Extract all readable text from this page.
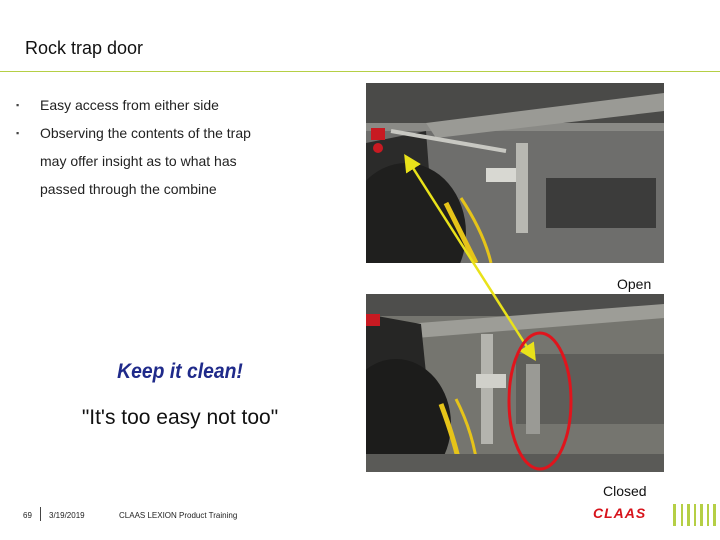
Rock trap door
▪	Easy access from either side
▪	Observing the contents of the trap
may offer insight as to what has
passed through the combine
Open
Closed
Keep it clean!
"It's too easy not too"
69 3/19/2019	CLAAS LEXION Product Training	CLAAS
